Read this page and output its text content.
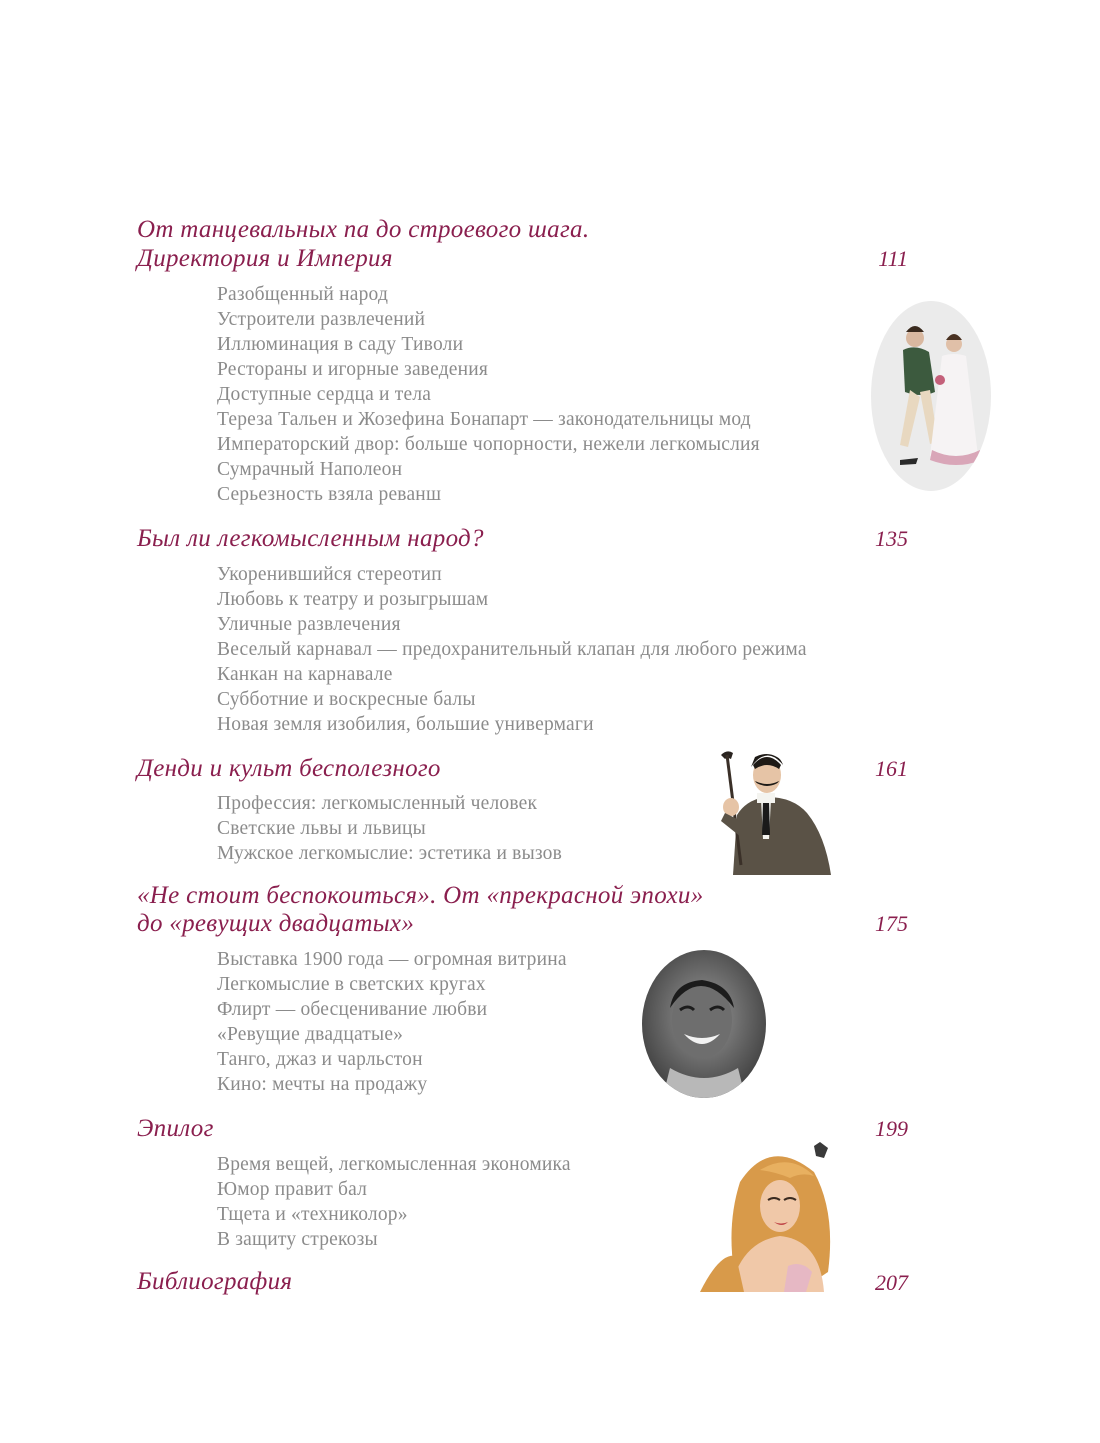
От танцевальных па до строевого шага.
Директория и Империя	111
Разобщенный народ
Устроители развлечений
Иллюминация в саду Тиволи
Рестораны и игорные заведения
Доступные сердца и тела
Тереза Тальен и Жозефина Бонапарт — законодательницы мод
Императорский двор: больше чопорности, нежели легкомыслия
Сумрачный Наполеон
Серьезность взяла реванш
Был ли легкомысленным народ?	135
Укоренившийся стереотип
Любовь к театру и розыгрышам
Уличные развлечения
Веселый карнавал — предохранительный клапан для любого режима
Канкан на карнавале
Субботние и воскресные балы
Новая земля изобилия, большие универмаги
Денди и культ бесполезного	161
Профессия: легкомысленный человек
Светские львы и львицы
Мужское легкомыслие: эстетика и вызов
«Не стоит беспокоиться». От «прекрасной эпохи»
до «ревущих двадцатых»	175
Выставка 1900 года — огромная витрина
Легкомыслие в светских кругах
Флирт — обесценивание любви
«Ревущие двадцатые»
Танго, джаз и чарльстон
Кино: мечты на продажу
Эпилог	199
Время вещей, легкомысленная экономика
Юмор правит бал
Тщета и «техниколор»
В защиту стрекозы
Библиография	207
